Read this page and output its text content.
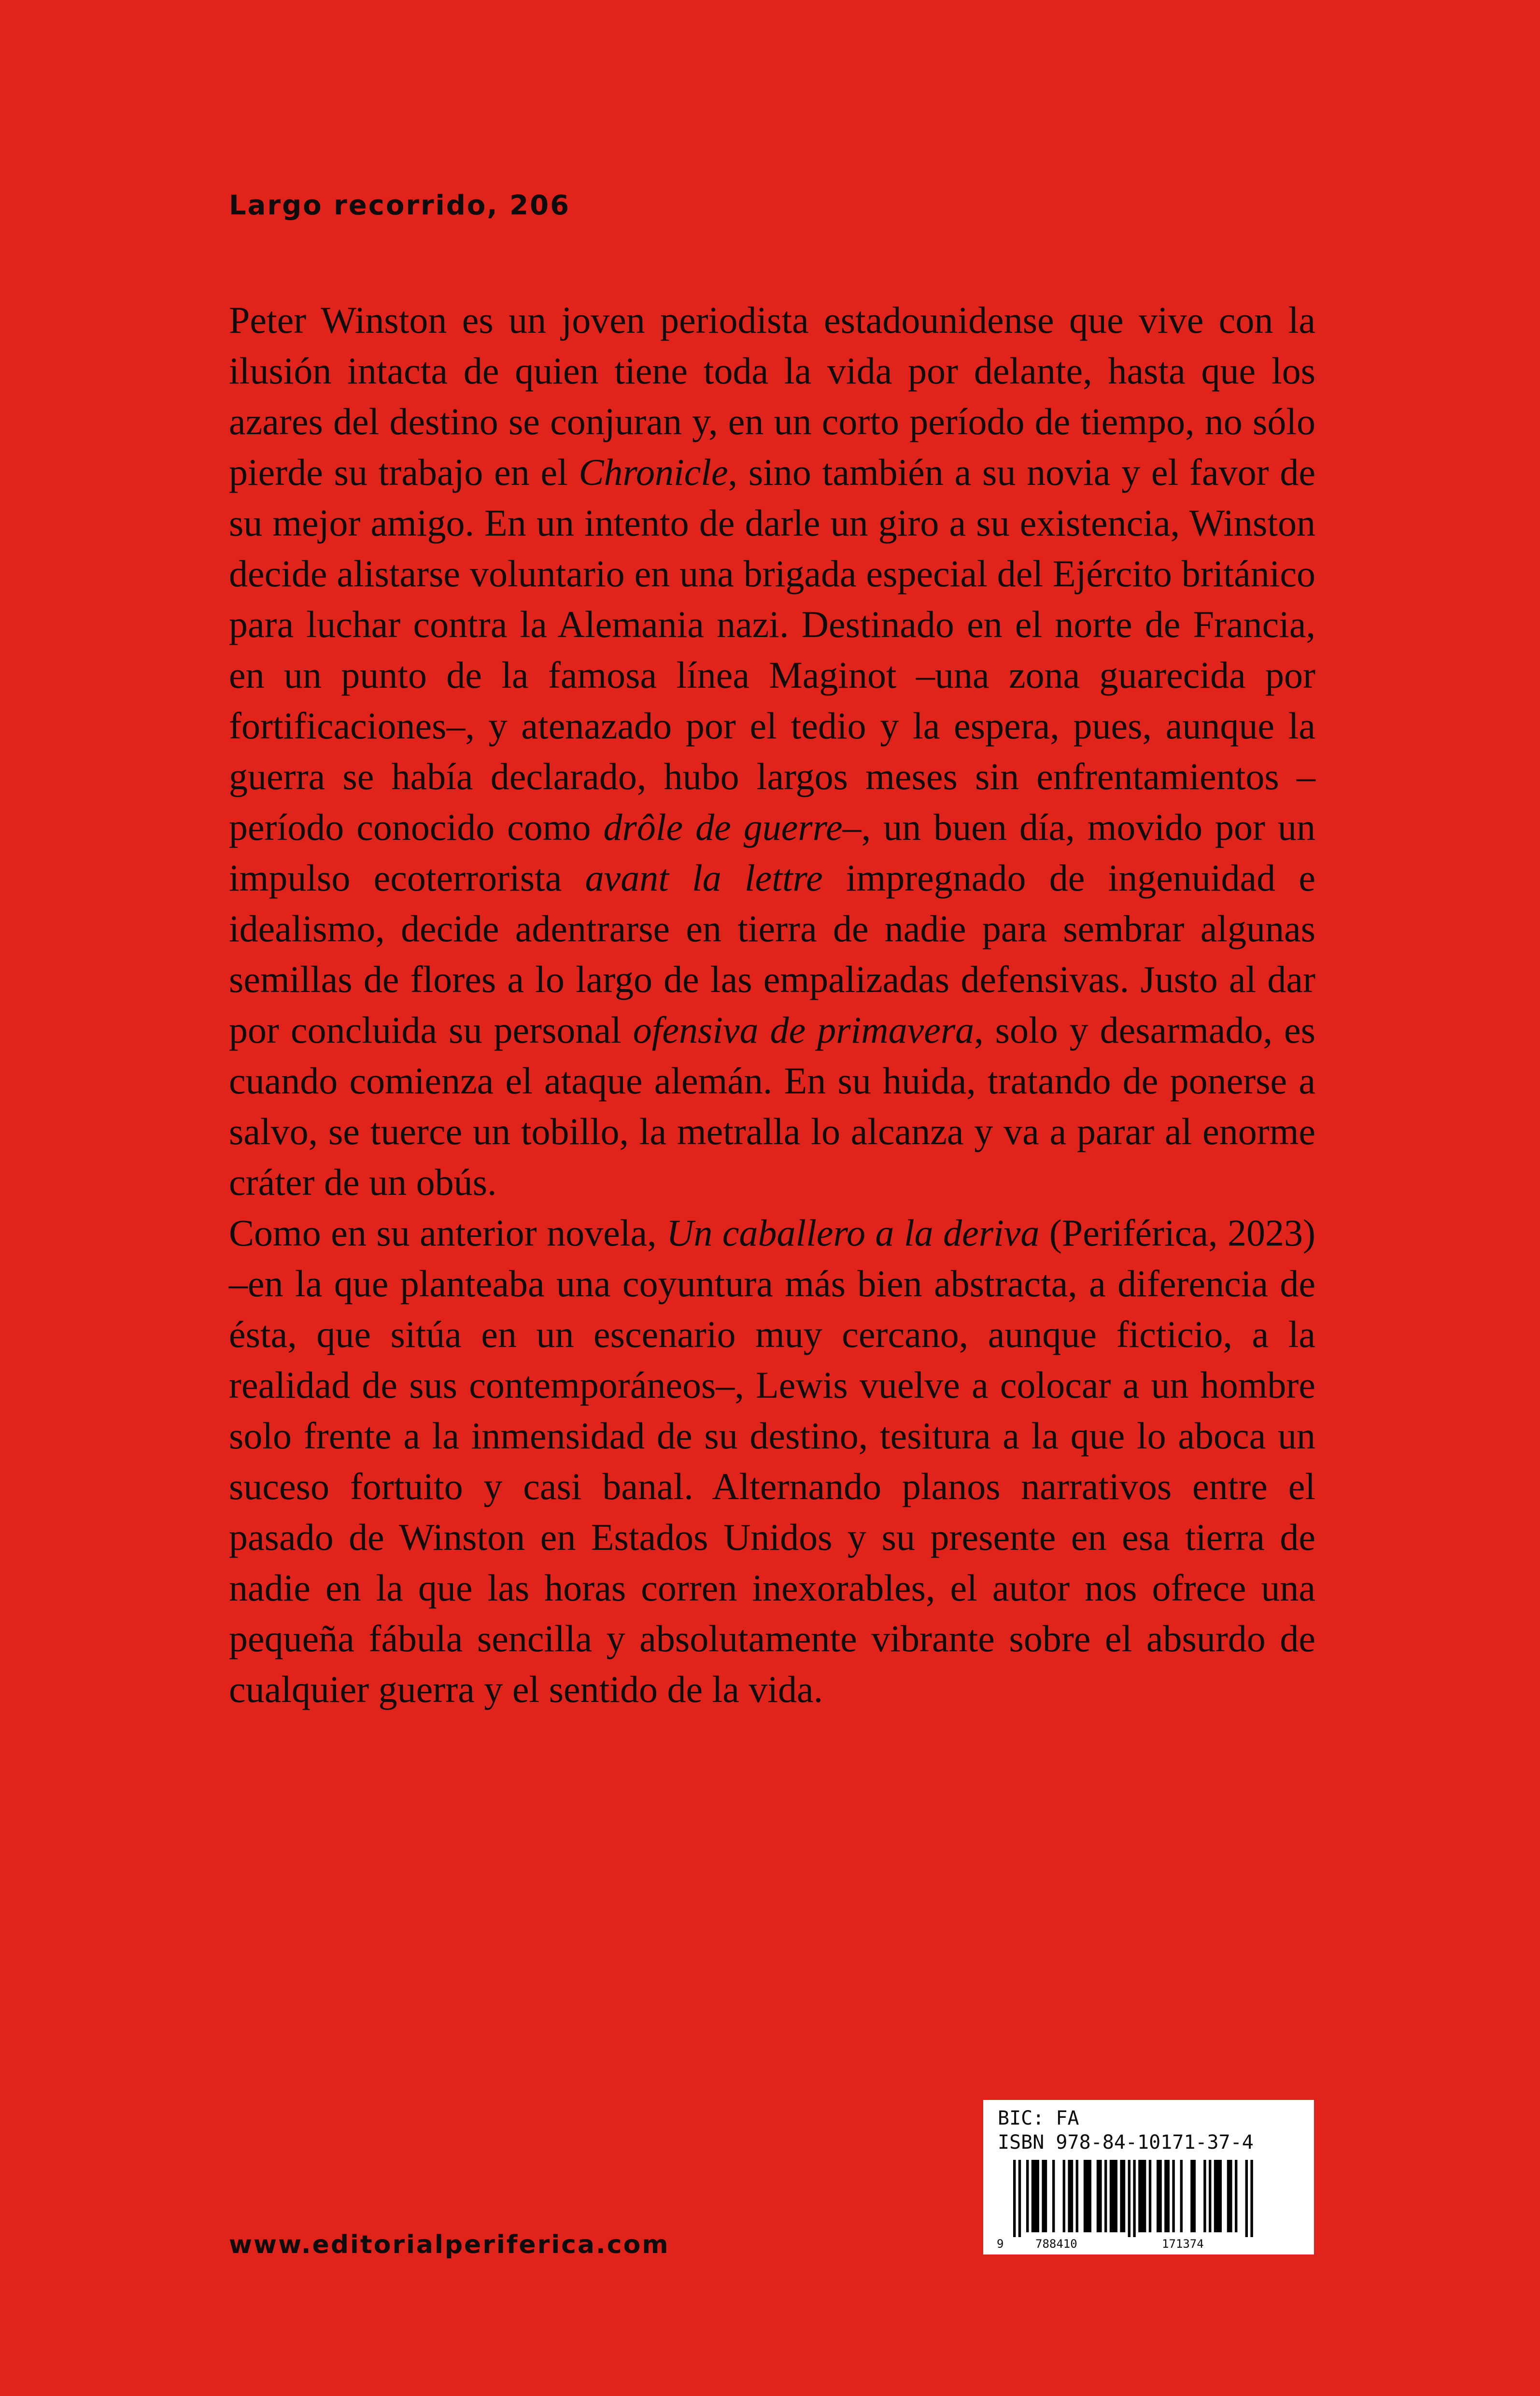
Largo recorrido, 206

Peter Winston es un joven periodista estadounidense que vive con la ilusión intacta de quien tiene toda la vida por delante, hasta que los azares del destino se conjuran y, en un corto período de tiempo, no sólo pierde su trabajo en el Chronicle, sino también a su novia y el favor de su mejor amigo. En un intento de darle un giro a su existencia, Winston decide alistarse voluntario en una brigada especial del Ejército británico para luchar contra la Alemania nazi. Destinado en el norte de Francia, en un punto de la famosa línea Maginot –una zona guarecida por fortificaciones–, y atenazado por el tedio y la espera, pues, aunque la guerra se había declarado, hubo largos meses sin enfrentamientos –período conocido como drôle de guerre–, un buen día, movido por un impulso ecoterrorista avant la lettre impregnado de ingenuidad e idealismo, decide adentrarse en tierra de nadie para sembrar algunas semillas de flores a lo largo de las empalizadas defensivas. Justo al dar por concluida su personal ofensiva de primavera, solo y desarmado, es cuando comienza el ataque alemán. En su huida, tratando de ponerse a salvo, se tuerce un tobillo, la metralla lo alcanza y va a parar al enorme cráter de un obús.

Como en su anterior novela, Un caballero a la deriva (Periférica, 2023) –en la que planteaba una coyuntura más bien abstracta, a diferencia de ésta, que sitúa en un escenario muy cercano, aunque ficticio, a la realidad de sus contemporáneos–, Lewis vuelve a colocar a un hombre solo frente a la inmensidad de su destino, tesitura a la que lo aboca un suceso fortuito y casi banal. Alternando planos narrativos entre el pasado de Winston en Estados Unidos y su presente en esa tierra de nadie en la que las horas corren inexorables, el autor nos ofrece una pequeña fábula sencilla y absolutamente vibrante sobre el absurdo de cualquier guerra y el sentido de la vida.

www.editorialperiferica.com
BIC: FA
ISBN 978-84-10171-37-4
9	788410	171374
